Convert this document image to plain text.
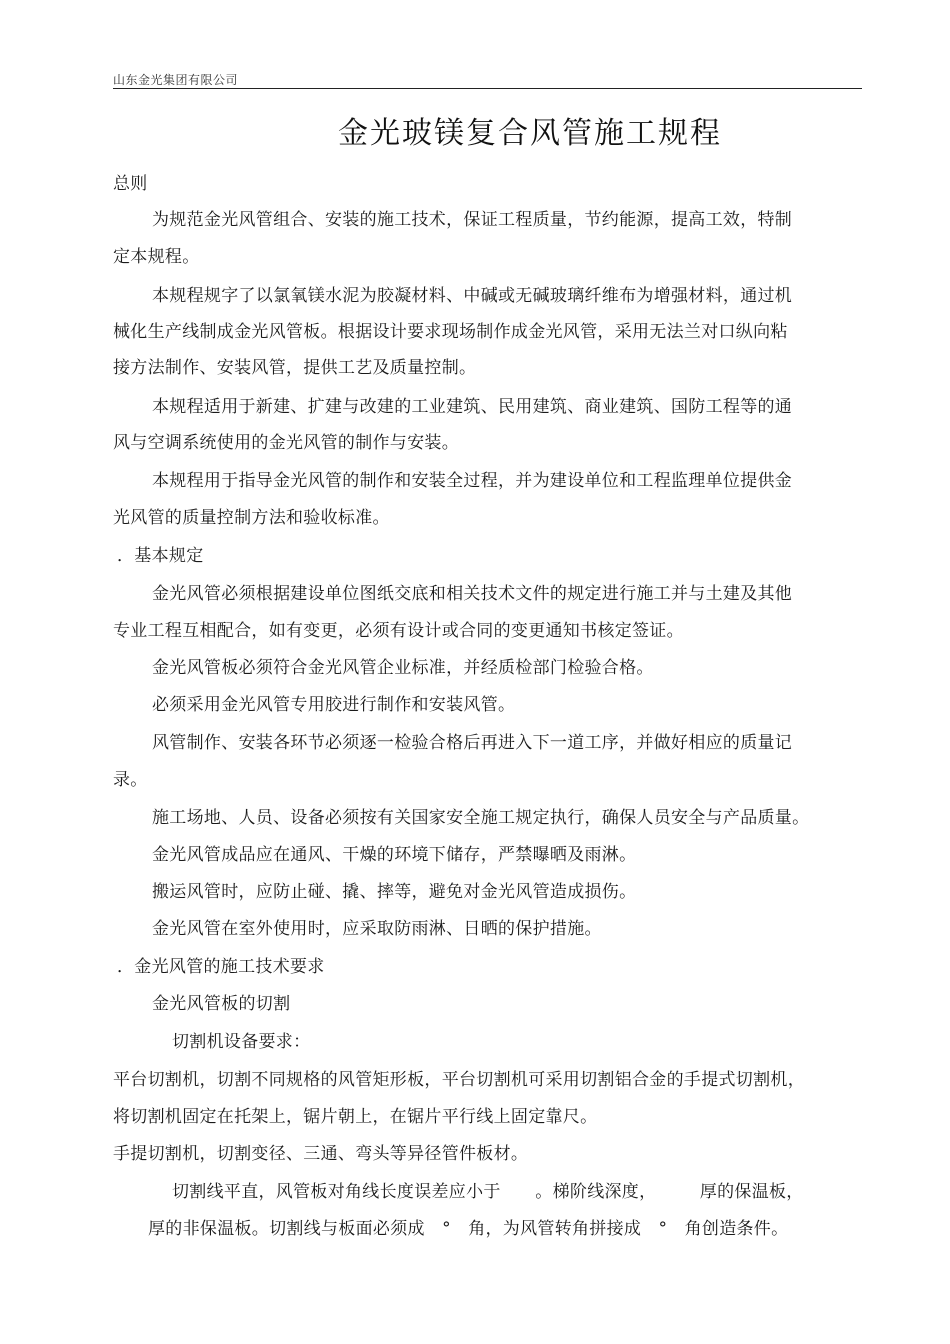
山东金光集团有限公司
金光玻镁复合风管施工规程
总则
为规范金光风管组合、安装的施工技术，保证工程质量，节约能源，提高工效，特制
定本规程。
本规程规字了以氯氧镁水泥为胶凝材料、中碱或无碱玻璃纤维布为增强材料，通过机
械化生产线制成金光风管板。根据设计要求现场制作成金光风管，采用无法兰对口纵向粘
接方法制作、安装风管，提供工艺及质量控制。
本规程适用于新建、扩建与改建的工业建筑、民用建筑、商业建筑、国防工程等的通
风与空调系统使用的金光风管的制作与安装。
本规程用于指导金光风管的制作和安装全过程，并为建设单位和工程监理单位提供金
光风管的质量控制方法和验收标准。
．基本规定
金光风管必须根据建设单位图纸交底和相关技术文件的规定进行施工并与土建及其他
专业工程互相配合，如有变更，必须有设计或合同的变更通知书核定签证。
金光风管板必须符合金光风管企业标准，并经质检部门检验合格。
必须采用金光风管专用胶进行制作和安装风管。
风管制作、安装各环节必须逐一检验合格后再进入下一道工序，并做好相应的质量记
录。
施工场地、人员、设备必须按有关国家安全施工规定执行，确保人员安全与产品质量。
金光风管成品应在通风、干燥的环境下储存，严禁曝晒及雨淋。
搬运风管时，应防止碰、撬、摔等，避免对金光风管造成损伤。
金光风管在室外使用时，应采取防雨淋、日晒的保护措施。
．金光风管的施工技术要求
金光风管板的切割
切割机设备要求：
平台切割机，切割不同规格的风管矩形板，平台切割机可采用切割铝合金的手提式切割机，
将切割机固定在托架上，锯片朝上，在锯片平行线上固定靠尺。
手提切割机，切割变径、三通、弯头等异径管件板材。
切割线平直，风管板对角线长度误差应小于　　。梯阶线深度，　　　厚的保温板，
厚的非保温板。切割线与板面必须成　°　角，为风管转角拼接成　°　角创造条件。
